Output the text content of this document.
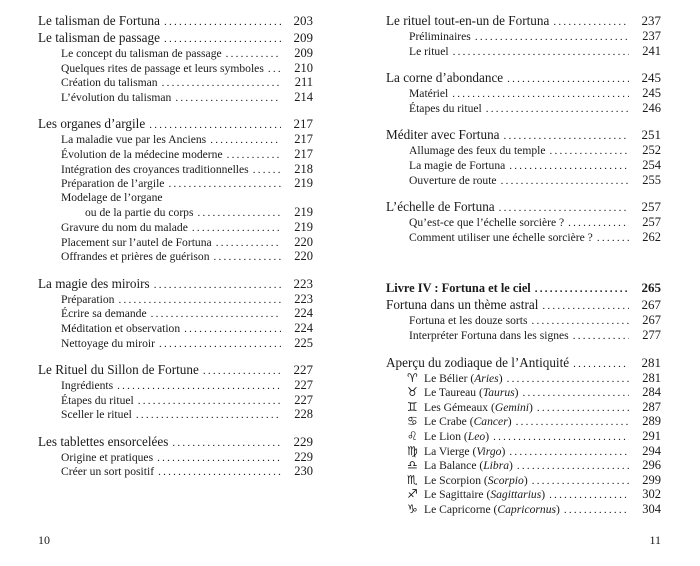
Le talisman de Fortuna . . .	203
Le talisman de passage . . .	209
Le concept du talisman de passage . . .	209
Quelques rites de passage et leurs symboles . . .	210
Création du talisman . . .	211
L’évolution du talisman . . .	214
Les organes d’argile . . .	217
La maladie vue par les Anciens . . .	217
Évolution de la médecine moderne . . .	217
Intégration des croyances traditionnelles . . .	218
Préparation de l’argile . . .	219
Modelage de l’organe
ou de la partie du corps . . .	219
Gravure du nom du malade . . .	219
Placement sur l’autel de Fortuna . . .	220
Offrandes et prières de guérison . . .	220
La magie des miroirs . . .	223
Préparation . . .	223
Écrire sa demande . . .	224
Méditation et observation . . .	224
Nettoyage du miroir . . .	225
Le Rituel du Sillon de Fortune . . .	227
Ingrédients . . .	227
Étapes du rituel . . .	227
Sceller le rituel . . .	228
Les tablettes ensorcelées . . .	229
Origine et pratiques . . .	229
Créer un sort positif . . .	230
Le rituel tout-en-un de Fortuna . . .	237
Préliminaires . . .	237
Le rituel . . .	241
La corne d’abondance . . .	245
Matériel . . .	245
Étapes du rituel . . .	246
Méditer avec Fortuna . . .	251
Allumage des feux du temple . . .	252
La magie de Fortuna . . .	254
Ouverture de route . . .	255
L’échelle de Fortuna . . .	257
Qu’est-ce que l’échelle sorcière ? . . .	257
Comment utiliser une échelle sorcière ? . . .	262
Livre IV : Fortuna et le ciel . . .	265
Fortuna dans un thème astral . . .	267
Fortuna et les douze sorts . . .	267
Interpréter Fortuna dans les signes . . .	277
Aperçu du zodiaque de l’Antiquité . . .	281
♈︎ Le Bélier (Aries) . . .	281
♉︎ Le Taureau (Taurus) . . .	284
♊︎ Les Gémeaux (Gemini) . . .	287
♋︎ Le Crabe (Cancer) . . .	289
♌︎ Le Lion (Leo) . . .	291
♍︎ La Vierge (Virgo) . . .	294
♎︎ La Balance (Libra) . . .	296
♏︎ Le Scorpion (Scorpio) . . .	299
♐︎ Le Sagittaire (Sagittarius) . . .	302
♑︎ Le Capricorne (Capricornus) . . .	304
10	11
